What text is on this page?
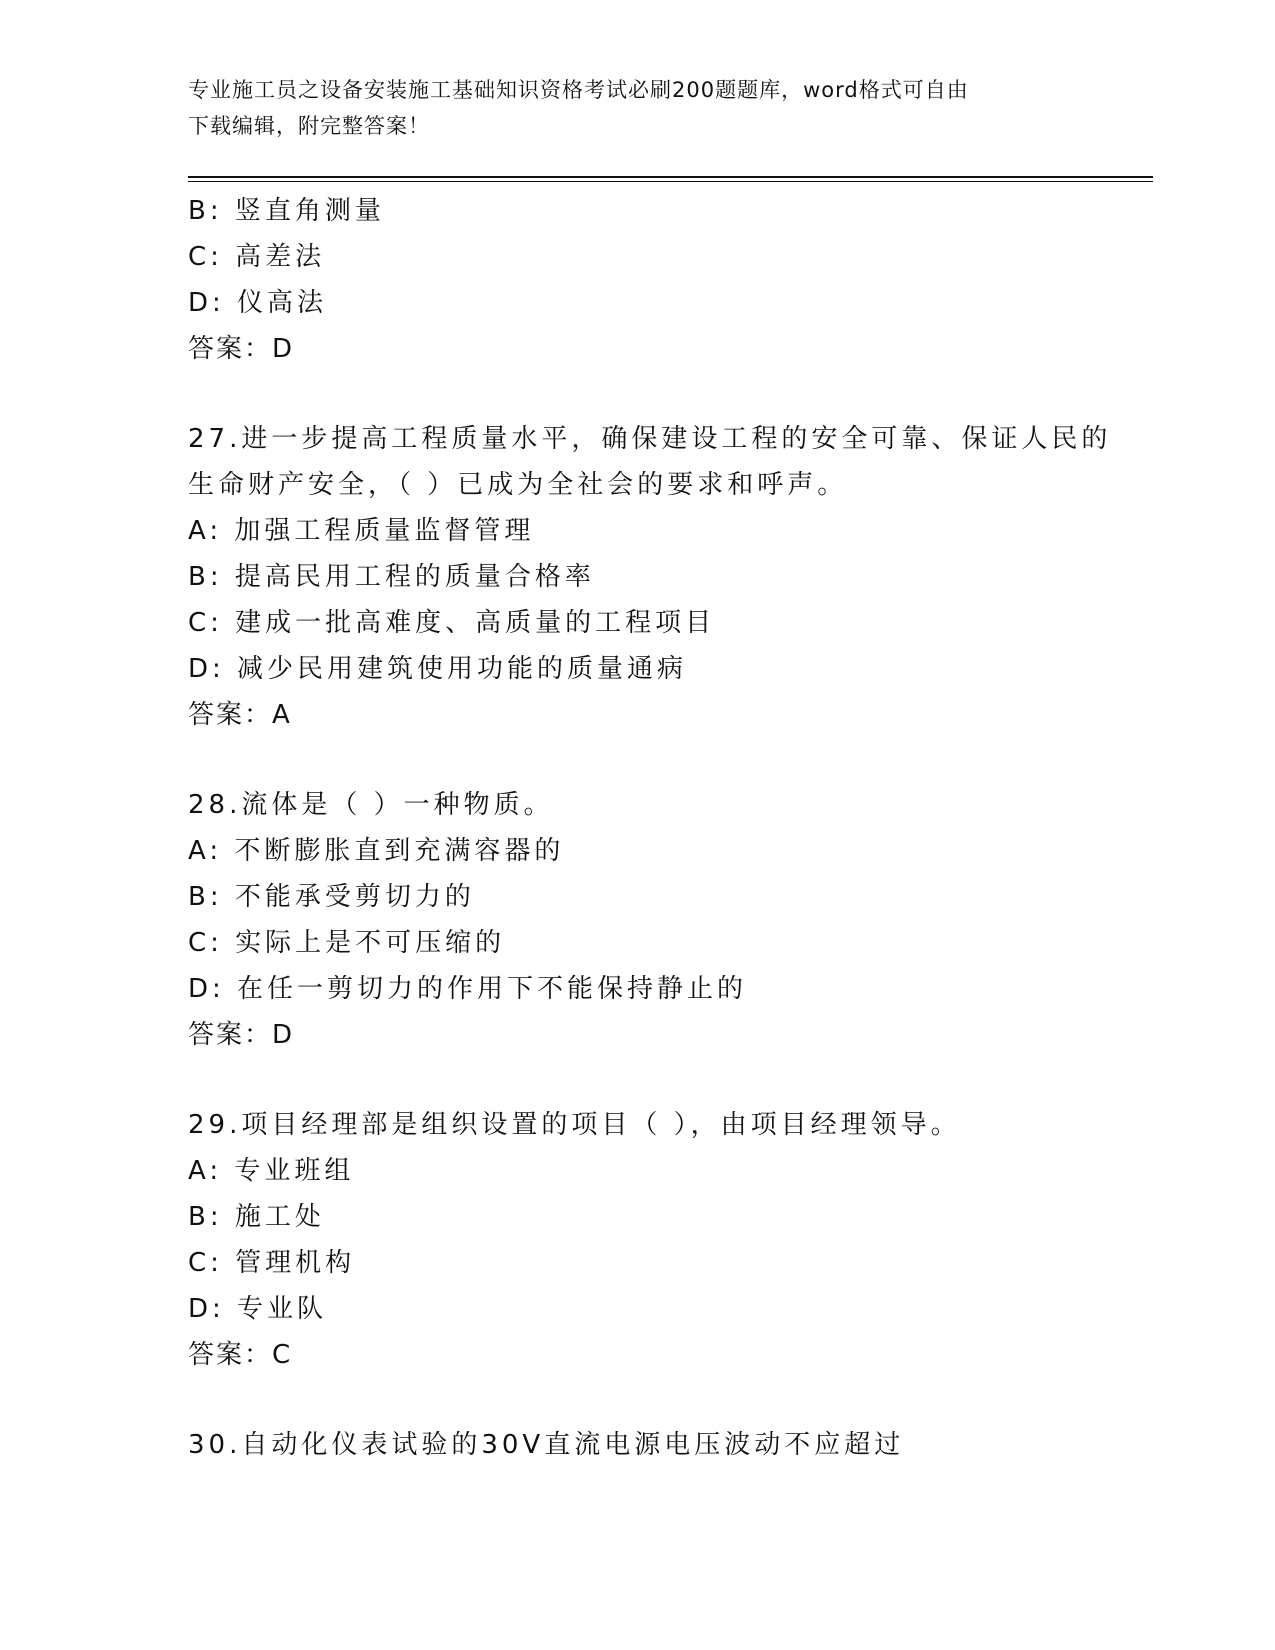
专业施工员之设备安装施工基础知识资格考试必刷200题题库，word格式可自由
下载编辑，附完整答案！
B: 竖直角测量
C: 高差法
D: 仪高法
答案：D
27.进一步提高工程质量水平，确保建设工程的安全可靠、保证人民的
生命财产安全，（ ）已成为全社会的要求和呼声。
A: 加强工程质量监督管理
B: 提高民用工程的质量合格率
C: 建成一批高难度、高质量的工程项目
D: 减少民用建筑使用功能的质量通病
答案：A
28.流体是（ ）一种物质。
A: 不断膨胀直到充满容器的
B: 不能承受剪切力的
C: 实际上是不可压缩的
D: 在任一剪切力的作用下不能保持静止的
答案：D
29.项目经理部是组织设置的项目（ ），由项目经理领导。
A: 专业班组
B: 施工处
C: 管理机构
D: 专业队
答案：C
30.自动化仪表试验的30V直流电源电压波动不应超过
